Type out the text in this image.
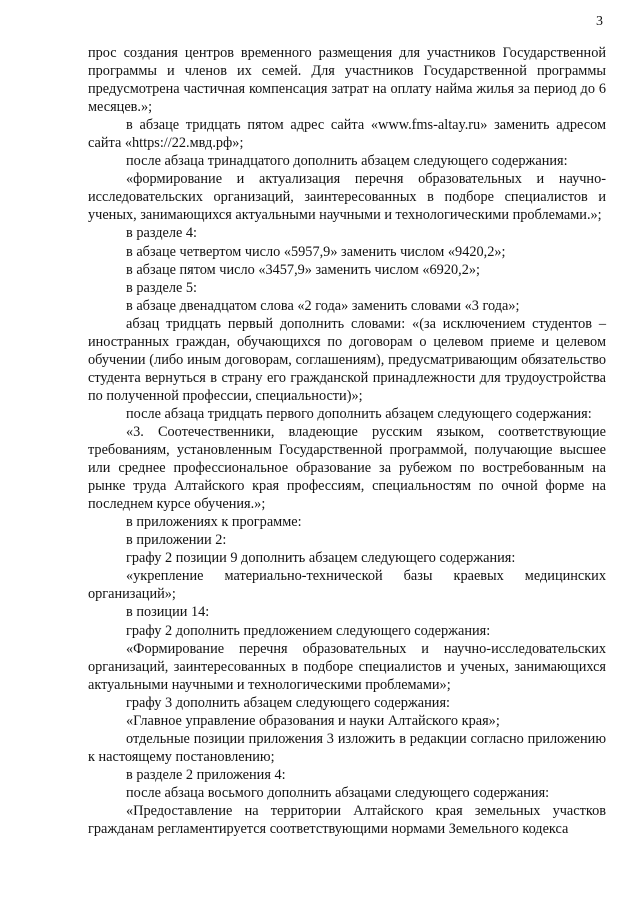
3

прос создания центров временного размещения для участников Государственной программы и членов их семей. Для участников Государственной программы предусмотрена частичная компенсация затрат на оплату найма жилья за период до 6 месяцев.»;

в абзаце тридцать пятом адрес сайта «www.fms-altay.ru» заменить адресом сайта «https://22.мвд.рф»;

после абзаца тринадцатого дополнить абзацем следующего содержания:

«формирование и актуализация перечня образовательных и научно-исследовательских организаций, заинтересованных в подборе специалистов и ученых, занимающихся актуальными научными и технологическими проблемами.»;

в разделе 4:

в абзаце четвертом число «5957,9» заменить числом «9420,2»;

в абзаце пятом число «3457,9» заменить числом «6920,2»;

в разделе 5:

в абзаце двенадцатом слова «2 года» заменить словами «3 года»;

абзац тридцать первый дополнить словами: «(за исключением студентов – иностранных граждан, обучающихся по договорам о целевом приеме и целевом обучении (либо иным договорам, соглашениям), предусматривающим обязательство студента вернуться в страну его гражданской принадлежности для трудоустройства по полученной профессии, специальности)»;

после абзаца тридцать первого дополнить абзацем следующего содержания:

«3. Соотечественники, владеющие русским языком, соответствующие требованиям, установленным Государственной программой, получающие высшее или среднее профессиональное образование за рубежом по востребованным на рынке труда Алтайского края профессиям, специальностям по очной форме на последнем курсе обучения.»;

в приложениях к программе:

в приложении 2:

графу 2 позиции 9 дополнить абзацем следующего содержания:

«укрепление материально-технической базы краевых медицинских организаций»;

в позиции 14:

графу 2 дополнить предложением следующего содержания:

«Формирование перечня образовательных и научно-исследовательских организаций, заинтересованных в подборе специалистов и ученых, занимающихся актуальными научными и технологическими проблемами»;

графу 3 дополнить абзацем следующего содержания:

«Главное управление образования и науки Алтайского края»;

отдельные позиции приложения 3 изложить в редакции согласно приложению к настоящему постановлению;

в разделе 2 приложения 4:

после абзаца восьмого дополнить абзацами следующего содержания:

«Предоставление на территории Алтайского края земельных участков гражданам регламентируется соответствующими нормами Земельного кодекса
